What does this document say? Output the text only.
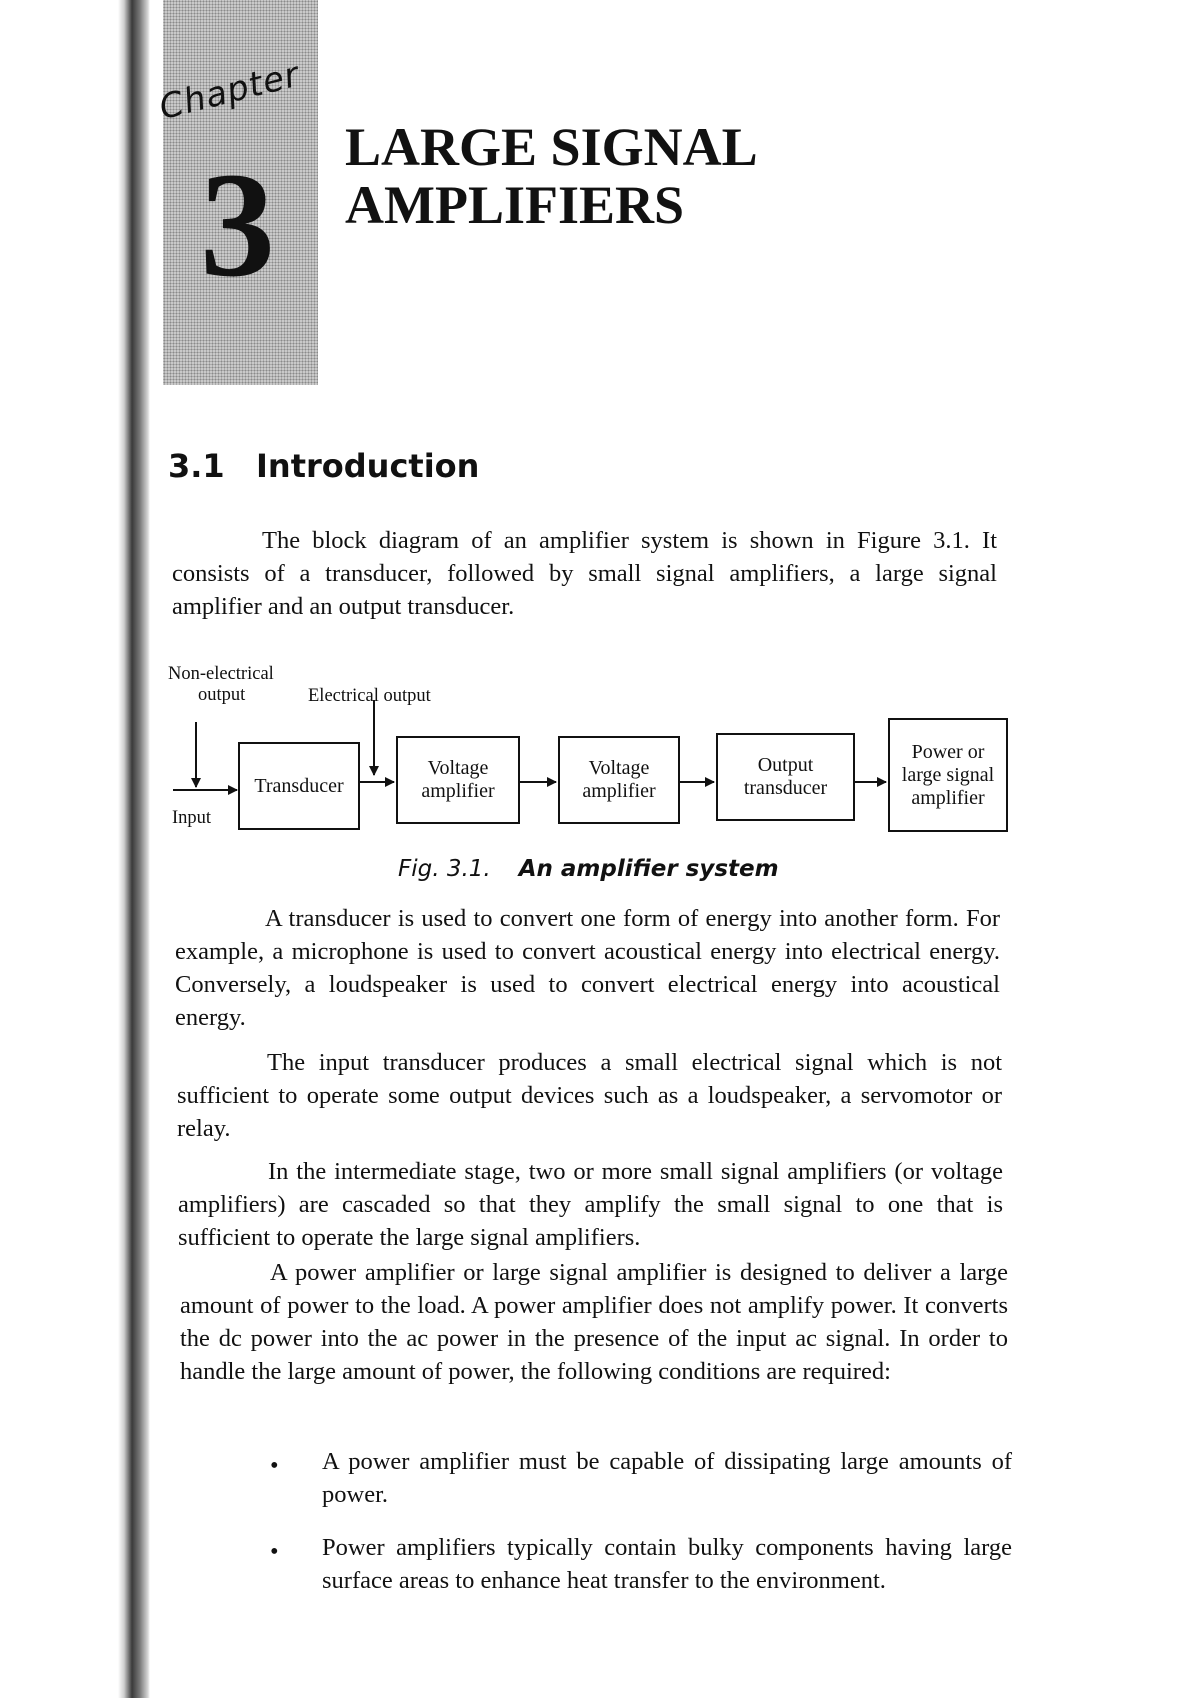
Chapter
3 LARGE SIGNAL
AMPLIFIERS
3.1 Introduction

The block diagram of an amplifier system is shown in Figure 3.1. It consists of a transducer, followed by small signal amplifiers, a large signal amplifier and an output transducer.

Non-electrical
output	Electrical output
Input
Transducer
Voltage
amplifier
Voltage
amplifier
Output
transducer
Power or
large signal
amplifier
Fig. 3.1. An amplifier system

A transducer is used to convert one form of energy into another form. For example, a microphone is used to convert acoustical energy into electrical energy. Conversely, a loudspeaker is used to convert electrical energy into acoustical energy.

The input transducer produces a small electrical signal which is not sufficient to operate some output devices such as a loudspeaker, a servomotor or relay.

In the intermediate stage, two or more small signal amplifiers (or voltage amplifiers) are cascaded so that they amplify the small signal to one that is sufficient to operate the large signal amplifiers.

A power amplifier or large signal amplifier is designed to deliver a large amount of power to the load. A power amplifier does not amplify power. It converts the dc power into the ac power in the presence of the input ac signal. In order to handle the large amount of power, the following conditions are required:

• A power amplifier must be capable of dissipating large amounts of power.

• Power amplifiers typically contain bulky components having large surface areas to enhance heat transfer to the environment.
